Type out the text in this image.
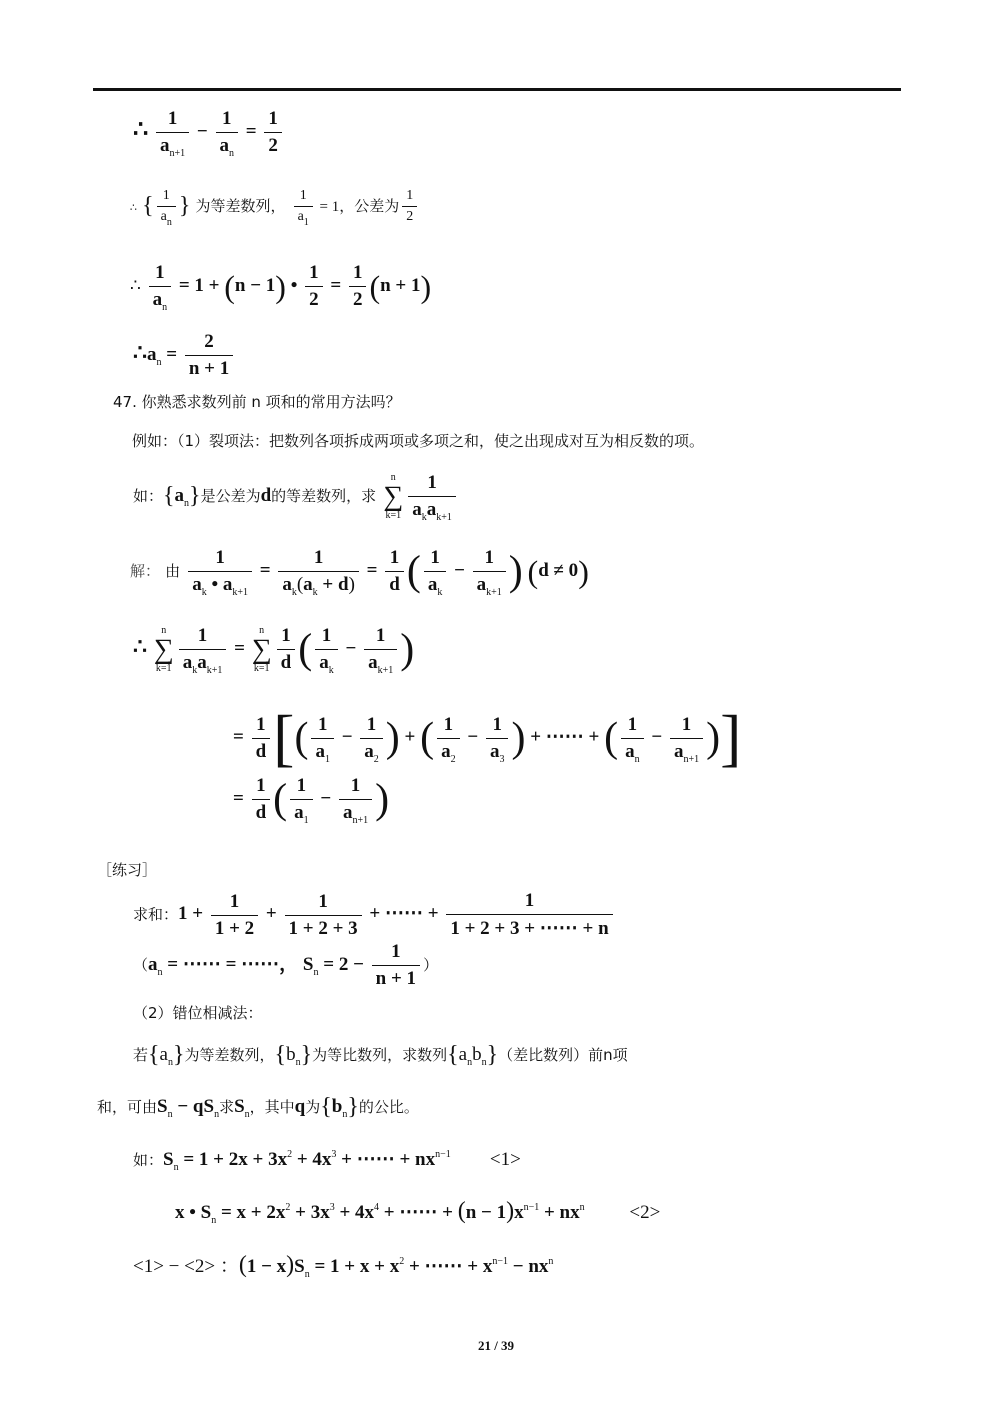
∴ $\frac{1}{a_{n+1}} - \frac{1}{a_n} = \frac{1}{2}$
∴ { $\frac{1}{a_n}$ } 为等差数列， $\frac{1}{a_1} = 1$，公差为 $\frac{1}{2}$
∴ $\frac{1}{a_n} = 1 + (n - 1)$ • $\frac{1}{2} = \frac{1}{2} (n + 1)$
$\therefore a_n = \frac{2}{n + 1}$
47. 你熟悉求数列前 n 项和的常用方法吗？
例如：（1）裂项法：把数列各项拆成两项或多项之和，使之出现成对互为相反数的项。
如：$\{a_n\}$是公差为d的等差数列，求
n
∑
$k=1 \frac{1}{a_ka_{k+1}}$
解： 由 $\frac{1}{a_k • a_{k+1}} = \frac{1}{a_k(a_k + d)} = \frac{1}{d}$ ( $\frac{1}{a_k} - \frac{1}{a_{k+1}}$ ) (d ≠ 0)
∴
n
∑
$k=1 \frac{1}{a_ka_{k+1}}$ =
n
∑
$k=1 \frac{1}{d}$ ( $\frac{1}{a_k} - \frac{1}{a_{k+1}}$ )
= $\frac{1}{d}$ [( $\frac{1}{a_1} - \frac{1}{a_2}$ ) + ( $\frac{1}{a_2} - \frac{1}{a_3}$ ) + ⋯⋯ + ( $\frac{1}{a_n} - \frac{1}{a_{n+1}}$ )]
= $\frac{1}{d}$ ( $\frac{1}{a_1} - \frac{1}{a_{n+1}}$ )
［练习］
求和：$1 + \frac{1}{1 + 2} + \frac{1}{1 + 2 + 3}$ + ⋯⋯ + $\frac{1}{1 + 2 + 3 + \cdots\cdots + n}$
（$a_n$ = ⋯⋯ = ⋯⋯， $S_n = 2 - \frac{1}{n + 1}$ ）
（2）错位相减法：
若$\{a_n\}$为等差数列，$\{b_n\}$为等比数列，求数列$\{a_nb_n\}$（差比数列）前n项
和，可由$S_n - qS_n$求$S_n$，其中q为$\{b_n\}$的公比。
如：$S_n = 1 + 2x + 3x^2 + 4x^3$ + ⋯⋯ + $nx^{n-1} <1>$
x • $S_n = x + 2x^2 + 3x^3 + 4x^4$ + ⋯⋯ + $(n - 1)x^{n-1} + nx^n <2>$
<1> − <2> ：$(1 - x)S_n = 1 + x + x^2$ + ⋯⋯ + $x^{n-1} - nx^n$
21 / 39
